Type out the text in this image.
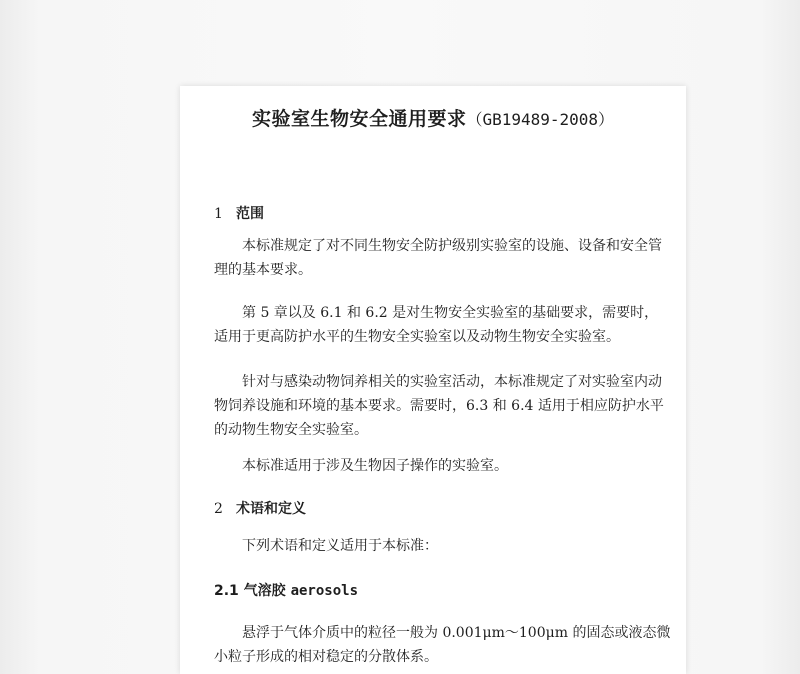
实验室生物安全通用要求（GB19489-2008）
1 范围
本标准规定了对不同生物安全防护级别实验室的设施、设备和安全管理的基本要求。
第 5 章以及 6.1 和 6.2 是对生物安全实验室的基础要求，需要时，适用于更高防护水平的生物安全实验室以及动物生物安全实验室。
针对与感染动物饲养相关的实验室活动，本标准规定了对实验室内动物饲养设施和环境的基本要求。需要时，6.3 和 6.4 适用于相应防护水平的动物生物安全实验室。
本标准适用于涉及生物因子操作的实验室。
2 术语和定义
下列术语和定义适用于本标准：
2.1 气溶胶 aerosols
悬浮于气体介质中的粒径一般为 0.001μm～100μm 的固态或液态微小粒子形成的相对稳定的分散体系。
